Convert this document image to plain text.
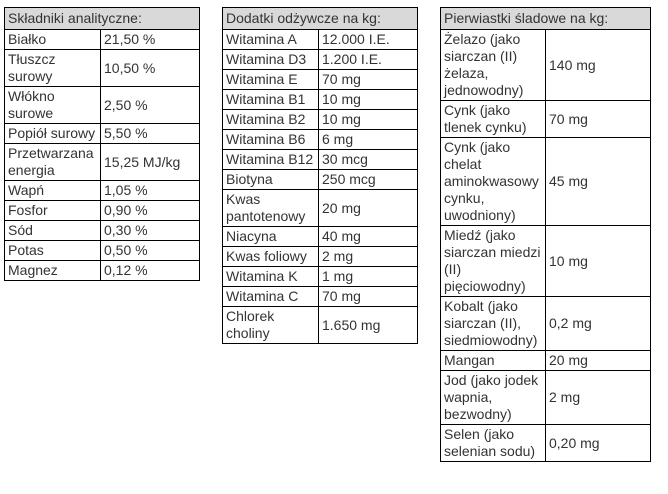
Składniki analityczne:	
Białko	21,50 %
Tłuszcz surowy	10,50 %
Włókno surowe	2,50 %
Popiół surowy	5,50 %
Przetwarzana energia	15,25 MJ/kg
Wapń	1,05 %
Fosfor	0,90 %
Sód	0,30 %
Potas	0,50 %
Magnez	0,12 %
Dodatki odżywcze na kg:	
Witamina A	12.000 I.E.
Witamina D3	1.200 I.E.
Witamina E	70 mg
Witamina B1	10 mg
Witamina B2	10 mg
Witamina B6	6 mg
Witamina B12	30 mcg
Biotyna	250 mcg
Kwas pantotenowy	20 mg
Niacyna	40 mg
Kwas foliowy	2 mg
Witamina K	1 mg
Witamina C	70 mg
Chlorek choliny	1.650 mg
Pierwiastki śladowe na kg:	
Żelazo (jako siarczan (II) żelaza, jednowodny)	140 mg
Cynk (jako tlenek cynku)	70 mg
Cynk (jako chelat aminokwasowy cynku, uwodniony)	45 mg
Miedź (jako siarczan miedzi (II) pięciowodny)	10 mg
Kobalt (jako siarczan (II), siedmiowodny)	0,2 mg
Mangan	20 mg
Jod (jako jodek wapnia, bezwodny)	2 mg
Selen (jako selenian sodu)	0,20 mg
